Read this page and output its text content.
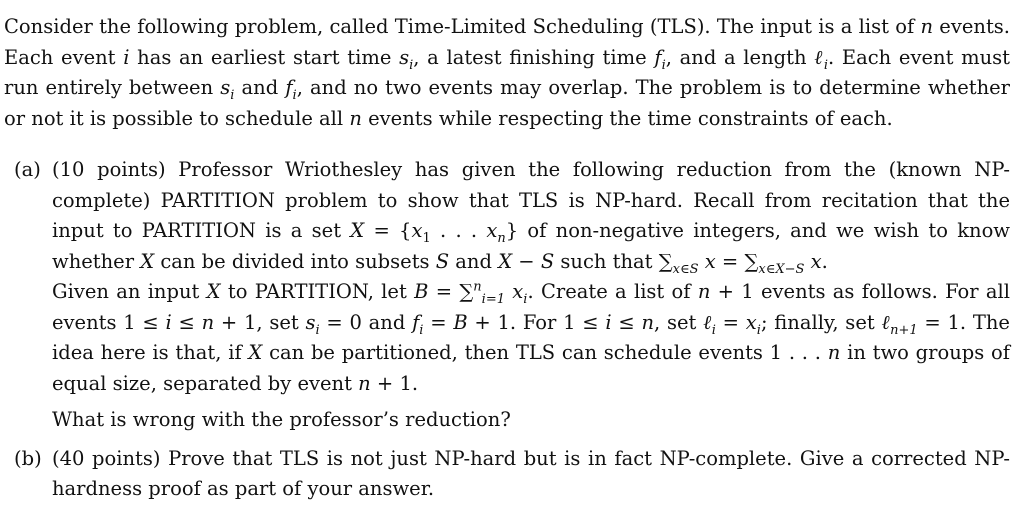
Consider the following problem, called Time-Limited Scheduling (TLS). The input is a list of n events. Each event i has an earliest start time $s_i$, a latest finishing time $f_i$, and a length ℓ$_i$. Each event must run entirely between $s_i$ and $f_i$, and no two events may overlap. The problem is to determine whether or not it is possible to schedule all n events while respecting the time constraints of each.

(a) (10 points) Professor Wriothesley has given the following reduction from the (known NP-complete) PARTITION problem to show that TLS is NP-hard. Recall from recitation that the input to PARTITION is a set $X = \{x_1$ . . . $x_n$} of non-negative integers, and we wish to know whether X can be divided into subsets S and X − S such that $\sum_{x\in S}$ $x = \sum_{x\in X-S}$ x.

Given an input X to PARTITION, let B = ∑$^n_{i=1}$ $x_i$. Create a list of n + 1 events as follows. For all events 1 ≤ i ≤ n + 1, set $s_i = 0$ and $f_i = B + 1$. For 1 ≤ i ≤ n, set ℓ$_i$ = $x_i$; finally, set ℓ$_{n+1}$ = 1. The idea here is that, if X can be partitioned, then TLS can schedule events 1 . . . n in two groups of equal size, separated by event n + 1.

What is wrong with the professor’s reduction?

(b) (40 points) Prove that TLS is not just NP-hard but is in fact NP-complete. Give a corrected NP-hardness proof as part of your answer.
